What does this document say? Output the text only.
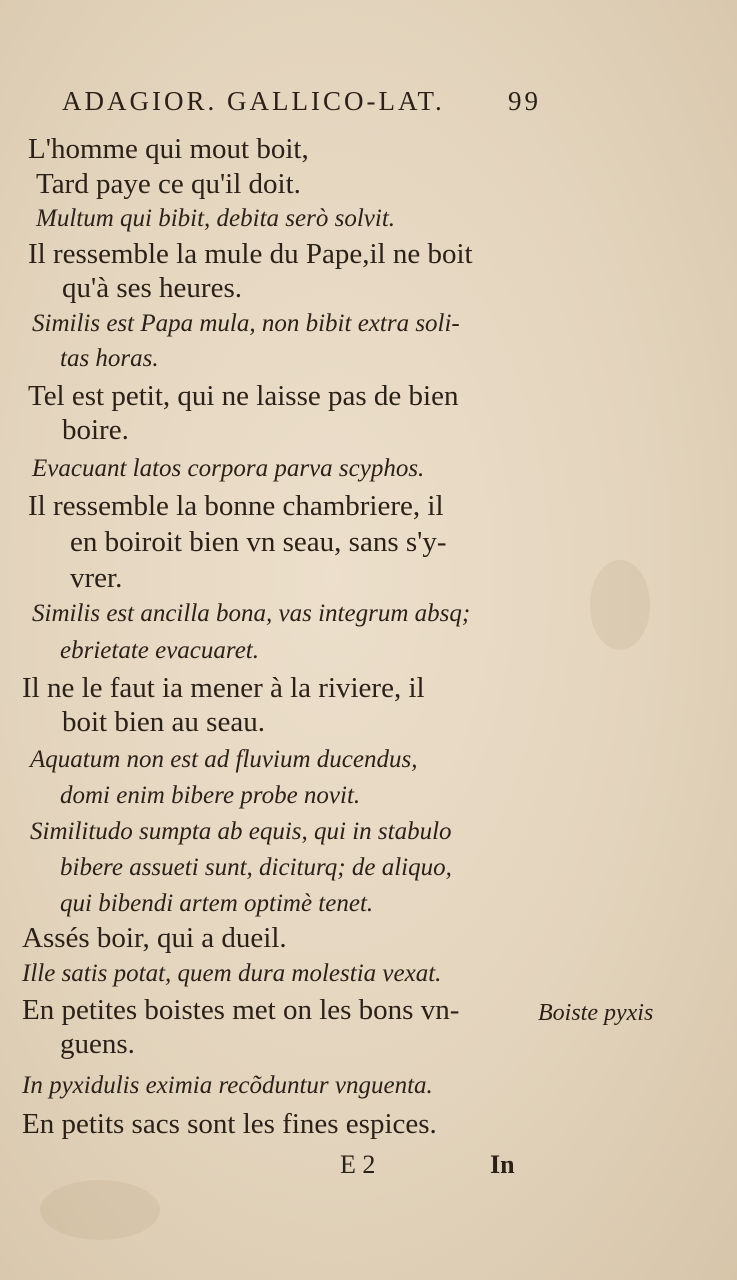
ADAGIOR. GALLICO-LAT. 99
L'homme qui mout boit,
Tard paye ce qu'il doit.
Multum qui bibit, debita serò solvit.
Il ressemble la mule du Pape,il ne boit
qu'à ses heures.
Similis est Papa mula, non bibit extra soli-
tas horas.
Tel est petit, qui ne laisse pas de bien
boire.
Evacuant latos corpora parva scyphos.
Il ressemble la bonne chambriere, il
en boiroit bien vn seau, sans s'y-
vrer.
Similis est ancilla bona, vas integrum absq;
ebrietate evacuaret.
Il ne le faut ia mener à la riviere, il
boit bien au seau.
Aquatum non est ad fluvium ducendus,
domi enim bibere probe novit.
Similitudo sumpta ab equis, qui in stabulo
bibere assueti sunt, diciturq; de aliquo,
qui bibendi artem optimè tenet.
Assés boir, qui a dueil.
Ille satis potat, quem dura molestia vexat.
En petites boistes met on les bons vn-
guens.
In pyxidulis eximia recõduntur vnguenta.
En petits sacs sont les fines espices.
Boiste pyxis
E 2	In
